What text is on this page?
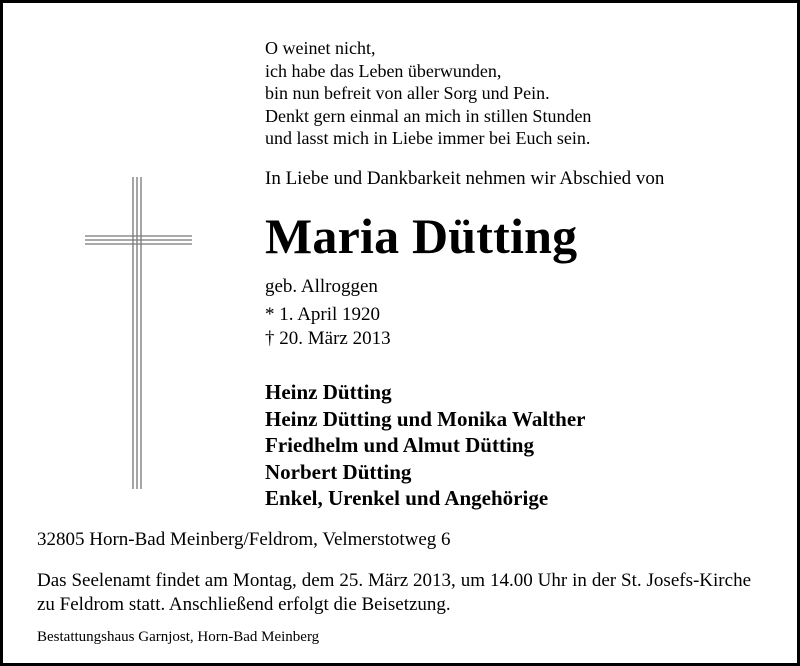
O weinet nicht,
ich habe das Leben überwunden,
bin nun befreit von aller Sorg und Pein.
Denkt gern einmal an mich in stillen Stunden
und lasst mich in Liebe immer bei Euch sein.
In Liebe und Dankbarkeit nehmen wir Abschied von
Maria Dütting
geb. Allroggen
* 1. April 1920
† 20. März 2013
Heinz Dütting
Heinz Dütting und Monika Walther
Friedhelm und Almut Dütting
Norbert Dütting
Enkel, Urenkel und Angehörige
32805 Horn-Bad Meinberg/Feldrom, Velmerstotweg 6
Das Seelenamt findet am Montag, dem 25. März 2013, um 14.00 Uhr in der St. Josefs-Kirche zu Feldrom statt. Anschließend erfolgt die Beisetzung.
Bestattungshaus Garnjost, Horn-Bad Meinberg
